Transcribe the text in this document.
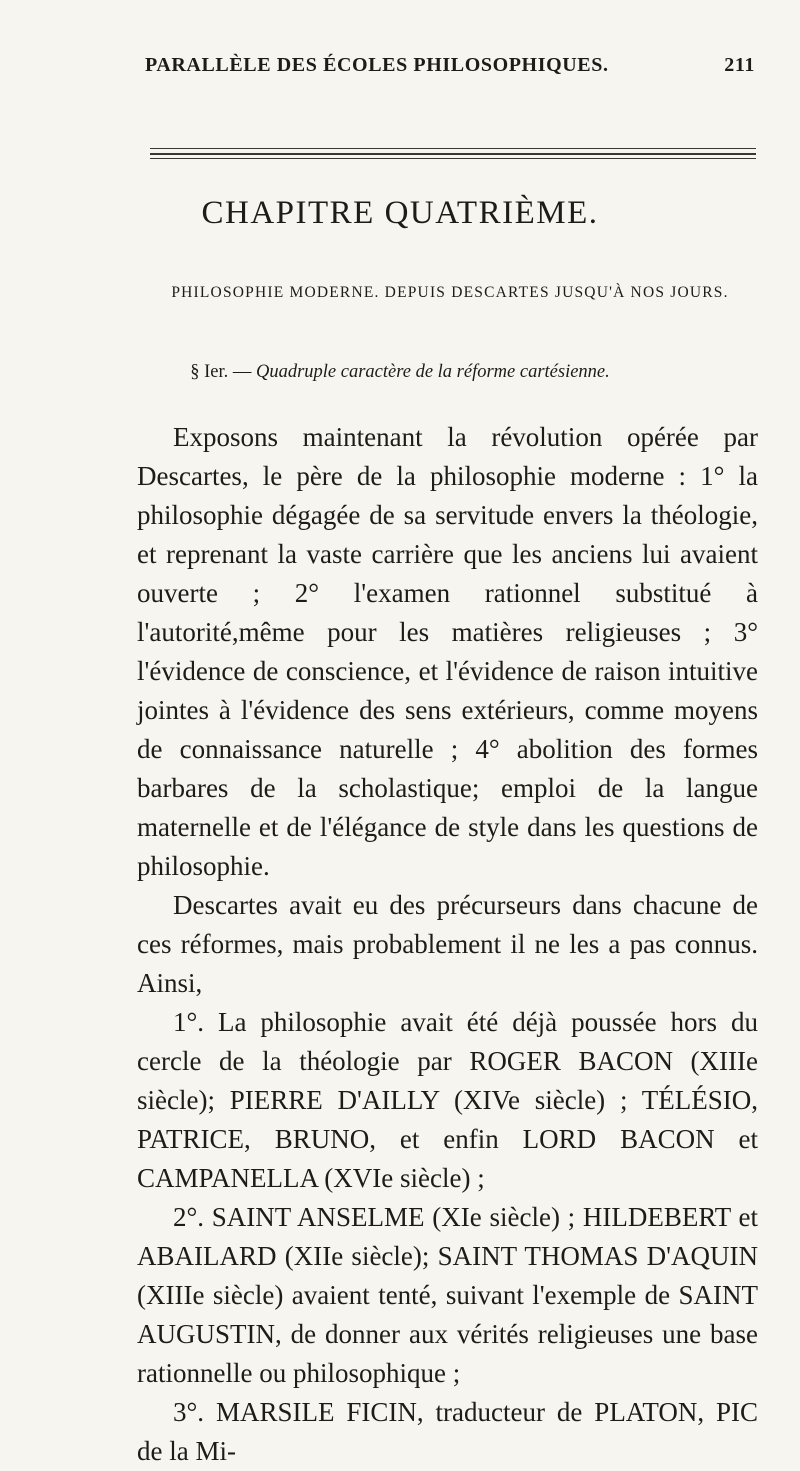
PARALLÈLE DES ÉCOLES PHILOSOPHIQUES.	211
CHAPITRE QUATRIÈME.
PHILOSOPHIE MODERNE. DEPUIS DESCARTES JUSQU'À NOS JOURS.
§ Ier. — Quadruple caractère de la réforme cartésienne.

Exposons maintenant la révolution opérée par Descartes, le père de la philosophie moderne : 1° la philosophie dégagée de sa servitude envers la théologie, et reprenant la vaste carrière que les anciens lui avaient ouverte ; 2° l'examen rationnel substitué à l'autorité,même pour les matières religieuses ; 3° l'évidence de conscience, et l'évidence de raison intuitive jointes à l'évidence des sens extérieurs, comme moyens de connaissance naturelle ; 4° abolition des formes barbares de la scholastique; emploi de la langue maternelle et de l'élégance de style dans les questions de philosophie.

Descartes avait eu des précurseurs dans chacune de ces réformes, mais probablement il ne les a pas connus. Ainsi,

1°. La philosophie avait été déjà poussée hors du cercle de la théologie par ROGER BACON (XIIIe siècle); PIERRE D'AILLY (XIVe siècle) ; TÉLÉSIO, PATRICE, BRUNO, et enfin LORD BACON et CAMPANELLA (XVIe siècle) ;

2°. SAINT ANSELME (XIe siècle) ; HILDEBERT et ABAILARD (XIIe siècle); SAINT THOMAS D'AQUIN (XIIIe siècle) avaient tenté, suivant l'exemple de SAINT AUGUSTIN, de donner aux vérités religieuses une base rationnelle ou philosophique ;

3°. MARSILE FICIN, traducteur de PLATON, PIC de la Mi-
